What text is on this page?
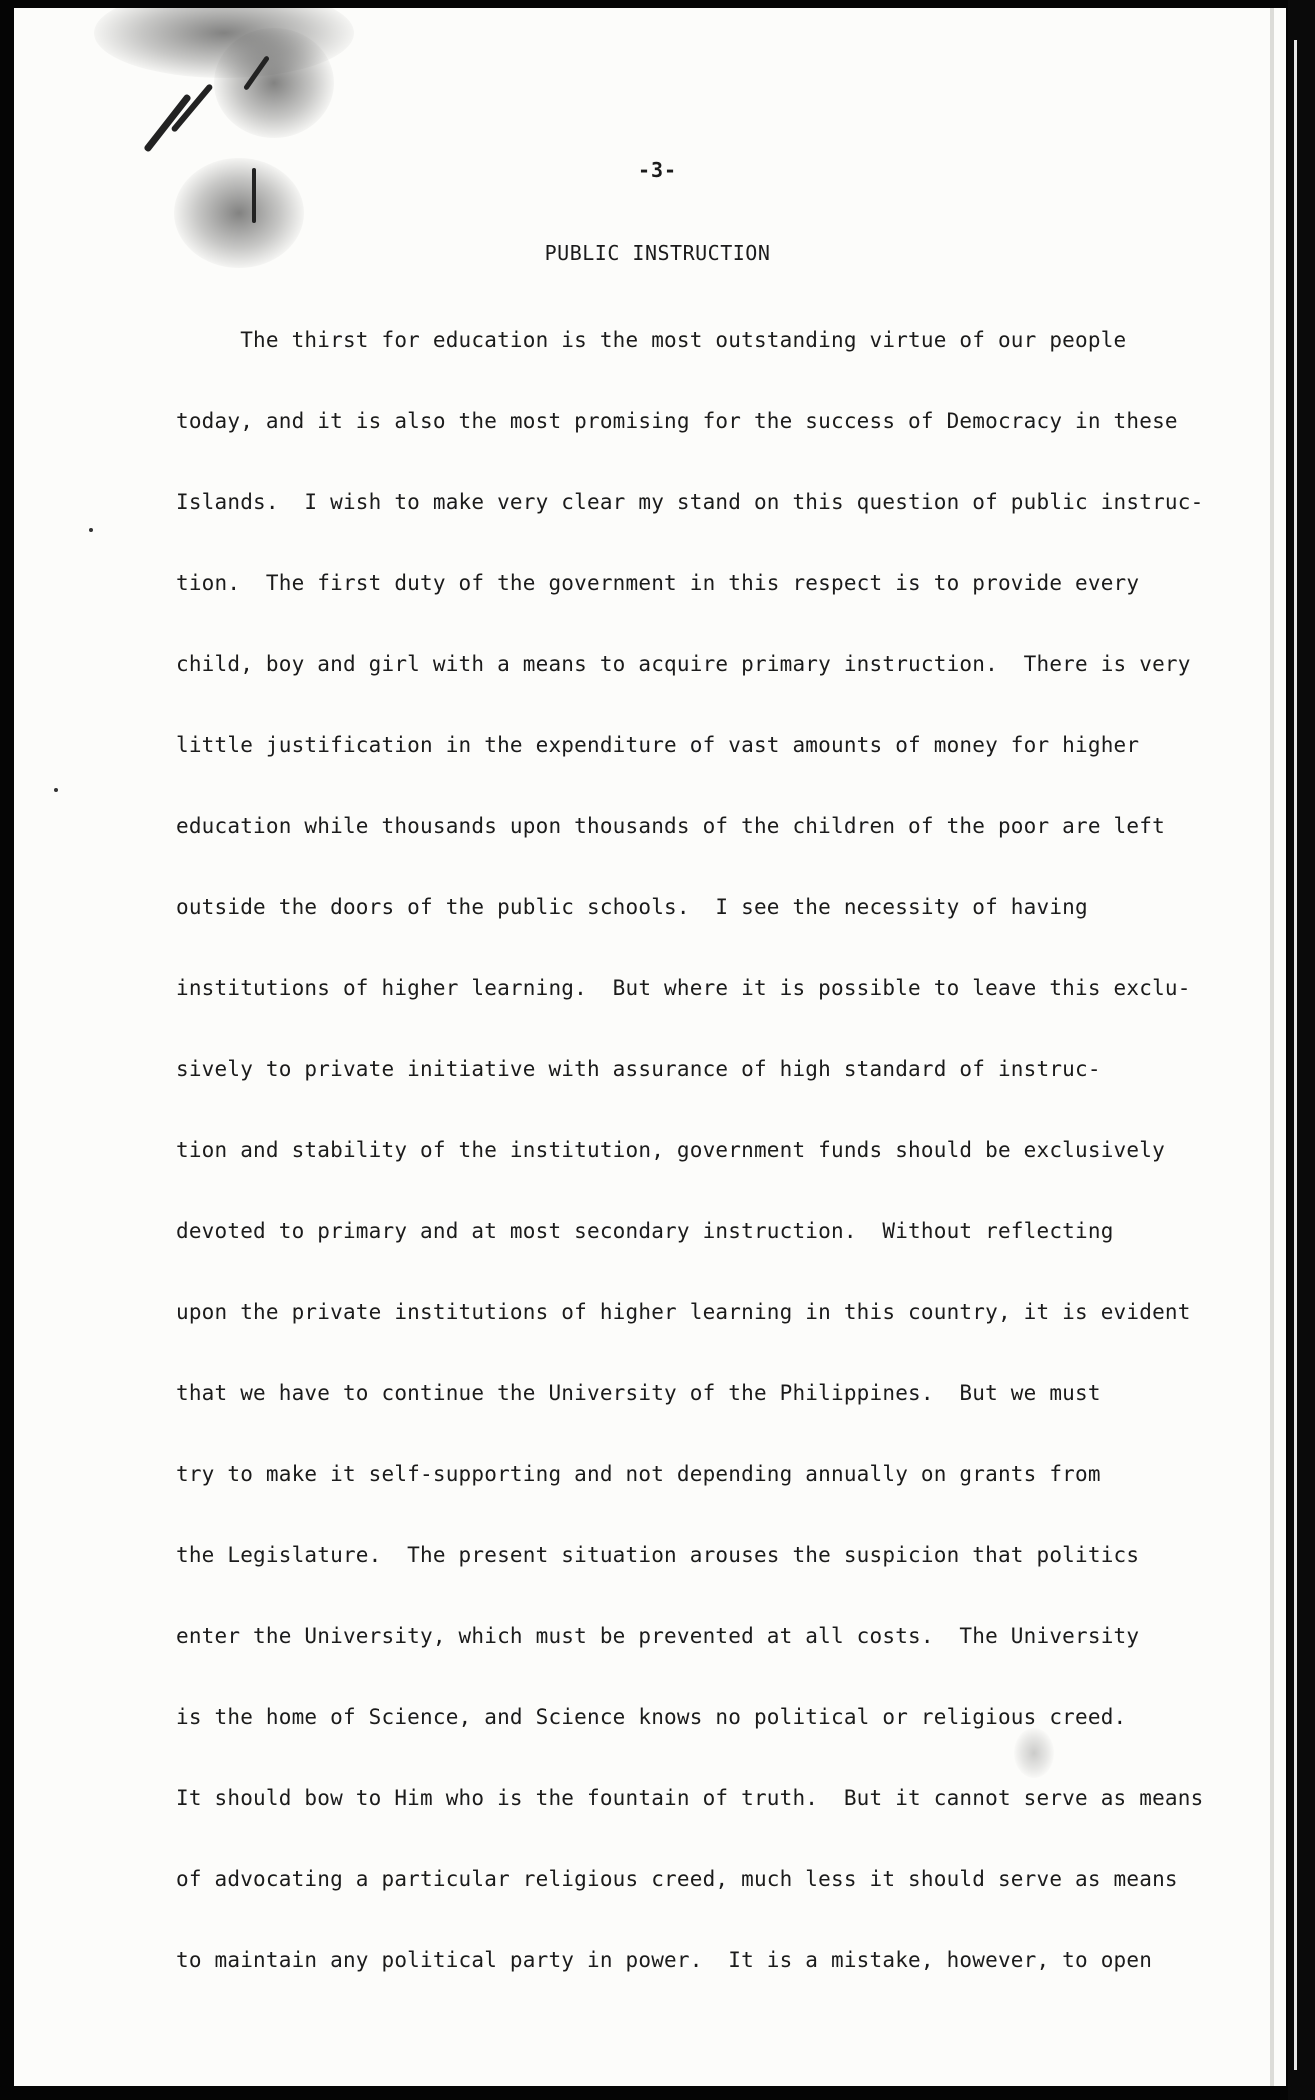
-3-
PUBLIC INSTRUCTION
The thirst for education is the most outstanding virtue of our people
today, and it is also the most promising for the success of Democracy in these
Islands.  I wish to make very clear my stand on this question of public instruc-
tion.  The first duty of the government in this respect is to provide every
child, boy and girl with a means to acquire primary instruction.  There is very
little justification in the expenditure of vast amounts of money for higher
education while thousands upon thousands of the children of the poor are left
outside the doors of the public schools.  I see the necessity of having
institutions of higher learning.  But where it is possible to leave this exclu-
sively to private initiative with assurance of high standard of instruc-
tion and stability of the institution, government funds should be exclusively
devoted to primary and at most secondary instruction.  Without reflecting
upon the private institutions of higher learning in this country, it is evident
that we have to continue the University of the Philippines.  But we must
try to make it self-supporting and not depending annually on grants from
the Legislature.  The present situation arouses the suspicion that politics
enter the University, which must be prevented at all costs.  The University
is the home of Science, and Science knows no political or religious creed.
It should bow to Him who is the fountain of truth.  But it cannot serve as means
of advocating a particular religious creed, much less it should serve as means
to maintain any political party in power.  It is a mistake, however, to open
